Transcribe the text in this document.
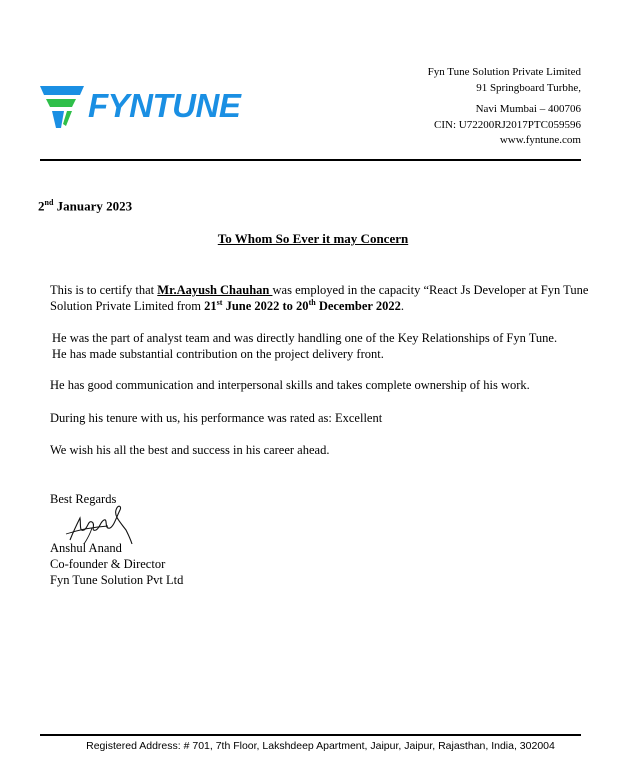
FYNTUNE
Fyn Tune Solution Private Limited
91 Springboard Turbhe,
Navi Mumbai – 400706
CIN: U72200RJ2017PTC059596
www.fyntune.com
2nd January 2023
To Whom So Ever it may Concern
This is to certify that Mr.Aayush Chauhan was employed in the capacity “React Js Developer at Fyn Tune Solution Private Limited from 21st June 2022 to 20th December 2022.
He was the part of analyst team and was directly handling one of the Key Relationships of Fyn Tune.
He has made substantial contribution on the project delivery front.
He has good communication and interpersonal skills and takes complete ownership of his work.
During his tenure with us, his performance was rated as: Excellent
We wish his all the best and success in his career ahead.
Best Regards
Anshul Anand
Co-founder & Director
Fyn Tune Solution Pvt Ltd
Registered Address: # 701, 7th Floor, Lakshdeep Apartment, Jaipur, Jaipur, Rajasthan, India, 302004
